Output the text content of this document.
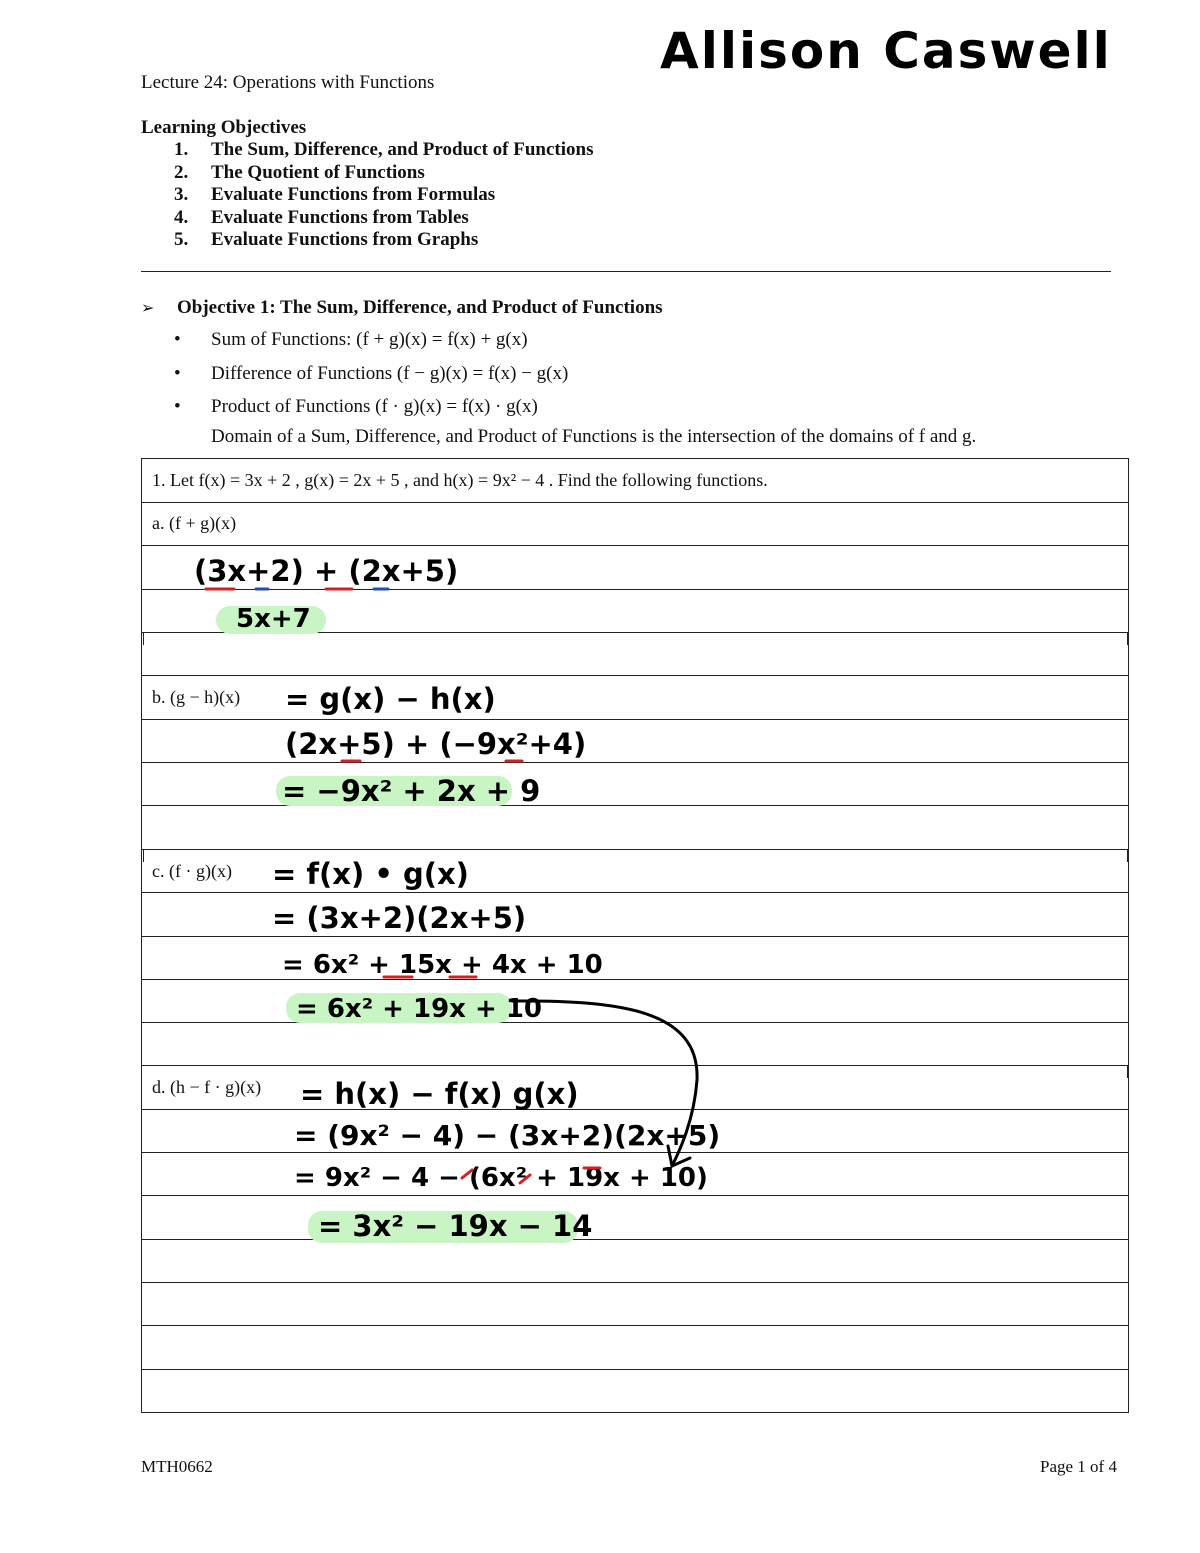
Allison Caswell
Lecture 24: Operations with Functions
Learning Objectives
1. The Sum, Difference, and Product of Functions
2. The Quotient of Functions
3. Evaluate Functions from Formulas
4. Evaluate Functions from Tables
5. Evaluate Functions from Graphs
➢ Objective 1: The Sum, Difference, and Product of Functions
• Sum of Functions: (f + g)(x) = f(x) + g(x)
• Difference of Functions (f − g)(x) = f(x) − g(x)
• Product of Functions (f · g)(x) = f(x) · g(x)
Domain of a Sum, Difference, and Product of Functions is the intersection of the domains of f and g.
1. Let f(x) = 3x + 2 , g(x) = 2x + 5 , and h(x) = 9x² − 4 . Find the following functions.
a. (f + g)(x)
b. (g − h)(x)
c. (f · g)(x)
d. (h − f · g)(x)
(3x+2) + (2x+5)
5x+7
= g(x) − h(x)
(2x+5) + (−9x²+4)
= −9x² + 2x + 9
= f(x) • g(x)
= (3x+2)(2x+5)
= 6x² + 15x + 4x + 10
= 6x² + 19x + 10
= h(x) − f(x) g(x)
= (9x² − 4) − (3x+2)(2x+5)
= 9x² − 4 − (6x² + 19x + 10)
= 3x² − 19x − 14
MTH0662	Page 1 of 4
